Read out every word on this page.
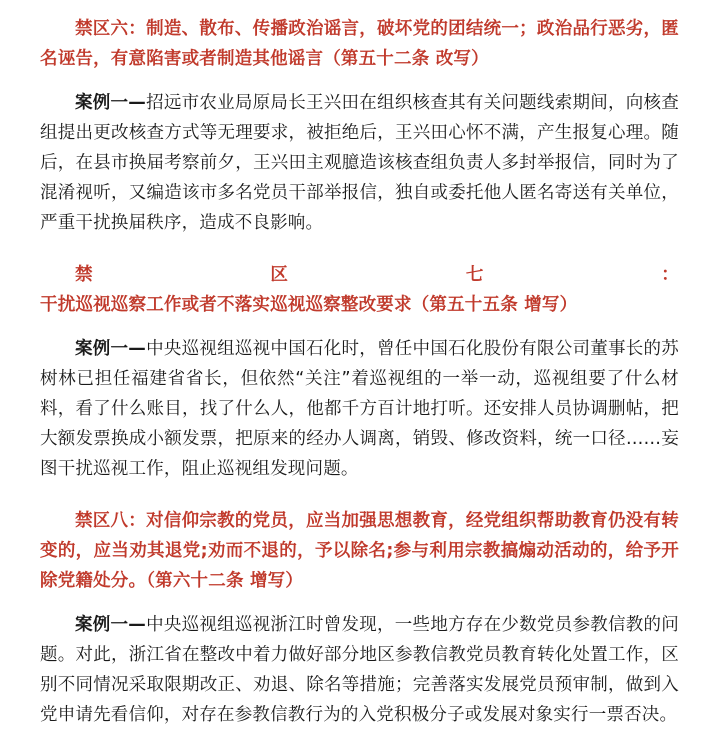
禁区六：制造、散布、传播政治谣言，破坏党的团结统一；政治品行恶劣，匿名诬告，有意陷害或者制造其他谣言（第五十二条 改写）

案例一—招远市农业局原局长王兴田在组织核查其有关问题线索期间，向核查组提出更改核查方式等无理要求，被拒绝后，王兴田心怀不满，产生报复心理。随后，在县市换届考察前夕，王兴田主观臆造该核查组负责人多封举报信，同时为了混淆视听，又编造该市多名党员干部举报信，独自或委托他人匿名寄送有关单位，严重干扰换届秩序，造成不良影响。

禁区七：干扰巡视巡察工作或者不落实巡视巡察整改要求（第五十五条 增写）

案例一—中央巡视组巡视中国石化时，曾任中国石化股份有限公司董事长的苏树林已担任福建省省长，但依然“关注”着巡视组的一举一动，巡视组要了什么材料，看了什么账目，找了什么人，他都千方百计地打听。还安排人员协调删帖，把大额发票换成小额发票，把原来的经办人调离，销毁、修改资料，统一口径……妄图干扰巡视工作，阻止巡视组发现问题。

禁区八：对信仰宗教的党员，应当加强思想教育，经党组织帮助教育仍没有转变的，应当劝其退党;劝而不退的，予以除名;参与利用宗教搞煽动活动的，给予开除党籍处分。（第六十二条 增写）

案例一—中央巡视组巡视浙江时曾发现，一些地方存在少数党员参教信教的问题。对此，浙江省在整改中着力做好部分地区参教信教党员教育转化处置工作，区别不同情况采取限期改正、劝退、除名等措施；完善落实发展党员预审制，做到入党申请先看信仰，对存在参教信教行为的入党积极分子或发展对象实行一票否决。
